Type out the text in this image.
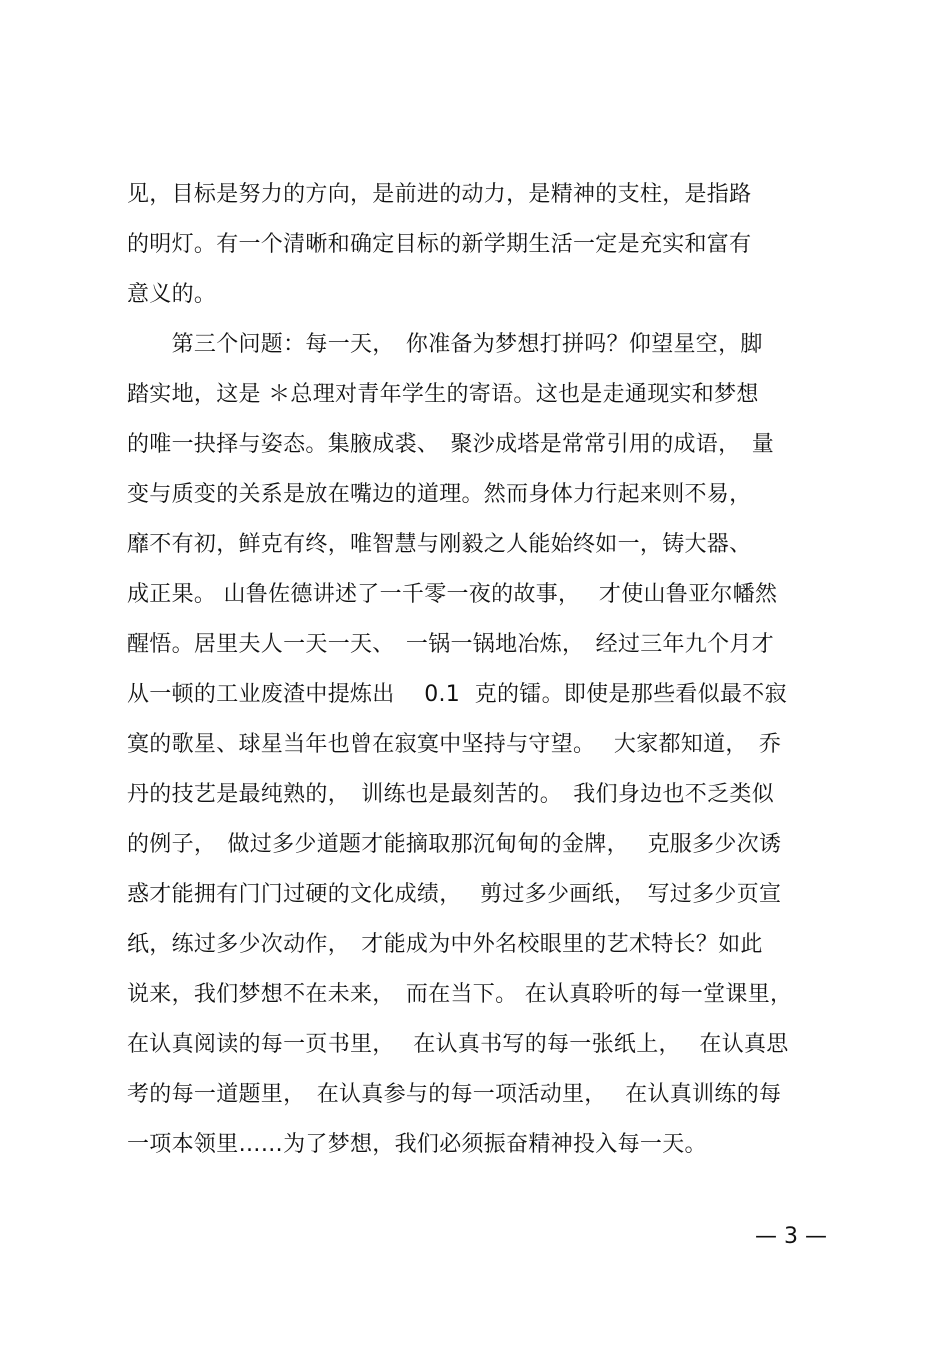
见，目标是努力的方向，是前进的动力，是精神的支柱，是指路
的明灯。有一个清晰和确定目标的新学期生活一定是充实和富有
意义的。
　　第三个问题：每一天，　你准备为梦想打拼吗？仰望星空，脚
踏实地，这是 ＊总理对青年学生的寄语。这也是走通现实和梦想
的唯一抉择与姿态。集腋成裘、　聚沙成塔是常常引用的成语，　量
变与质变的关系是放在嘴边的道理。然而身体力行起来则不易，
靡不有初，鲜克有终，唯智慧与刚毅之人能始终如一，铸大器、
成正果。 山鲁佐德讲述了一千零一夜的故事，　 才使山鲁亚尔幡然
醒悟。居里夫人一天一天、　一锅一锅地冶炼，　经过三年九个月才
从一顿的工业废渣中提炼出　 0.1  克的镭。即使是那些看似最不寂
寞的歌星、球星当年也曾在寂寞中坚持与守望。　 大家都知道，　乔
丹的技艺是最纯熟的，　训练也是最刻苦的。　我们身边也不乏类似
的例子，　做过多少道题才能摘取那沉甸甸的金牌，　 克服多少次诱
惑才能拥有门门过硬的文化成绩，　 剪过多少画纸，　写过多少页宣
纸，练过多少次动作，　才能成为中外名校眼里的艺术特长？如此
说来，我们梦想不在未来，　而在当下。 在认真聆听的每一堂课里，
在认真阅读的每一页书里，　 在认真书写的每一张纸上，　 在认真思
考的每一道题里，　在认真参与的每一项活动里，　 在认真训练的每
一项本领里……为了梦想，我们必须振奋精神投入每一天。
— 3 —
